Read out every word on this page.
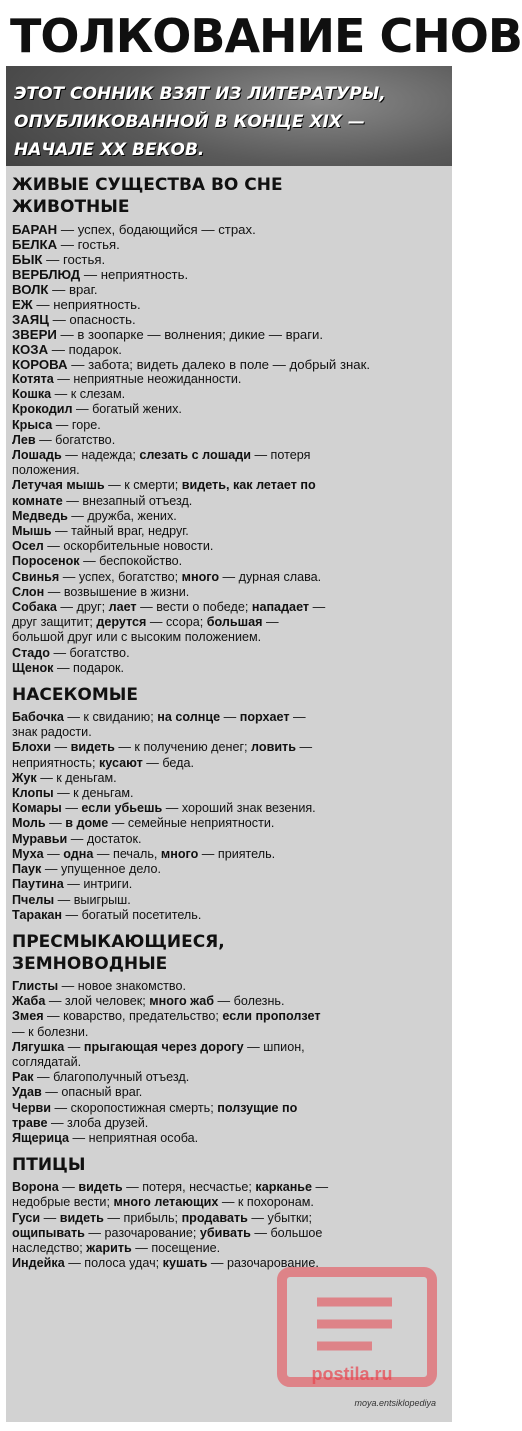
ТОЛКОВАНИЕ СНОВ
ЭТОТ СОННИК ВЗЯТ ИЗ ЛИТЕРАТУРЫ,
ОПУБЛИКОВАННОЙ В КОНЦЕ XIX — НАЧАЛЕ XX ВЕКОВ.
ЖИВЫЕ СУЩЕСТВА ВО СНЕ
ЖИВОТНЫЕ

БАРАН — успех, бодающийся — страх.

БЕЛКА — гостья.

БЫК — гостья.

ВЕРБЛЮД — неприятность.

ВОЛК — враг.

ЕЖ — неприятность.

ЗАЯЦ — опасность.

ЗВЕРИ — в зоопарке — волнения; дикие — враги.

КОЗА — подарок.

КОРОВА — забота; видеть далеко в поле — добрый знак.

Котята — неприятные неожиданности.

Кошка — к слезам.

Крокодил — богатый жених.

Крыса — горе.

Лев — богатство.

Лошадь — надежда; слезать с лошади — потеря положения.

Летучая мышь — к смерти; видеть, как летает по комнате — внезапный отъезд.

Медведь — дружба, жених.

Мышь — тайный враг, недруг.

Осел — оскорбительные новости.

Поросенок — беспокойство.

Свинья — успех, богатство; много — дурная слава.

Слон — возвышение в жизни.

Собака — друг; лает — вести о победе; нападает — друг защитит; дерутся — ссора; большая — большой друг или с высоким положением.

Стадо — богатство.

Щенок — подарок.

НАСЕКОМЫЕ

Бабочка — к свиданию; на солнце — порхает — знак радости.

Блохи — видеть — к получению денег; ловить — неприятность; кусают — беда.

Жук — к деньгам.

Клопы — к деньгам.

Комары — если убьешь — хороший знак везения.

Моль — в доме — семейные неприятности.

Муравьи — достаток.

Муха — одна — печаль, много — приятель.

Паук — упущенное дело.

Паутина — интриги.

Пчелы — выигрыш.

Таракан — богатый посетитель.

ПРЕСМЫКАЮЩИЕСЯ,
ЗЕМНОВОДНЫЕ

Глисты — новое знакомство.

Жаба — злой человек; много жаб — болезнь.

Змея — коварство, предательство; если проползет — к болезни.

Лягушка — прыгающая через дорогу — шпион, соглядатай.

Рак — благополучный отъезд.

Удав — опасный враг.

Черви — скоропостижная смерть; ползущие по траве — злоба друзей.

Ящерица — неприятная особа.

ПТИЦЫ

Ворона — видеть — потеря, несчастье; карканье — недобрые вести; много летающих — к похоронам.

Гуси — видеть — прибыль; продавать — убытки; ощипывать — разочарование; убивать — большое наследство; жарить — посещение.

Индейка — полоса удач; кушать — разочарование.

postila.ru
moya.entsiklopediya
